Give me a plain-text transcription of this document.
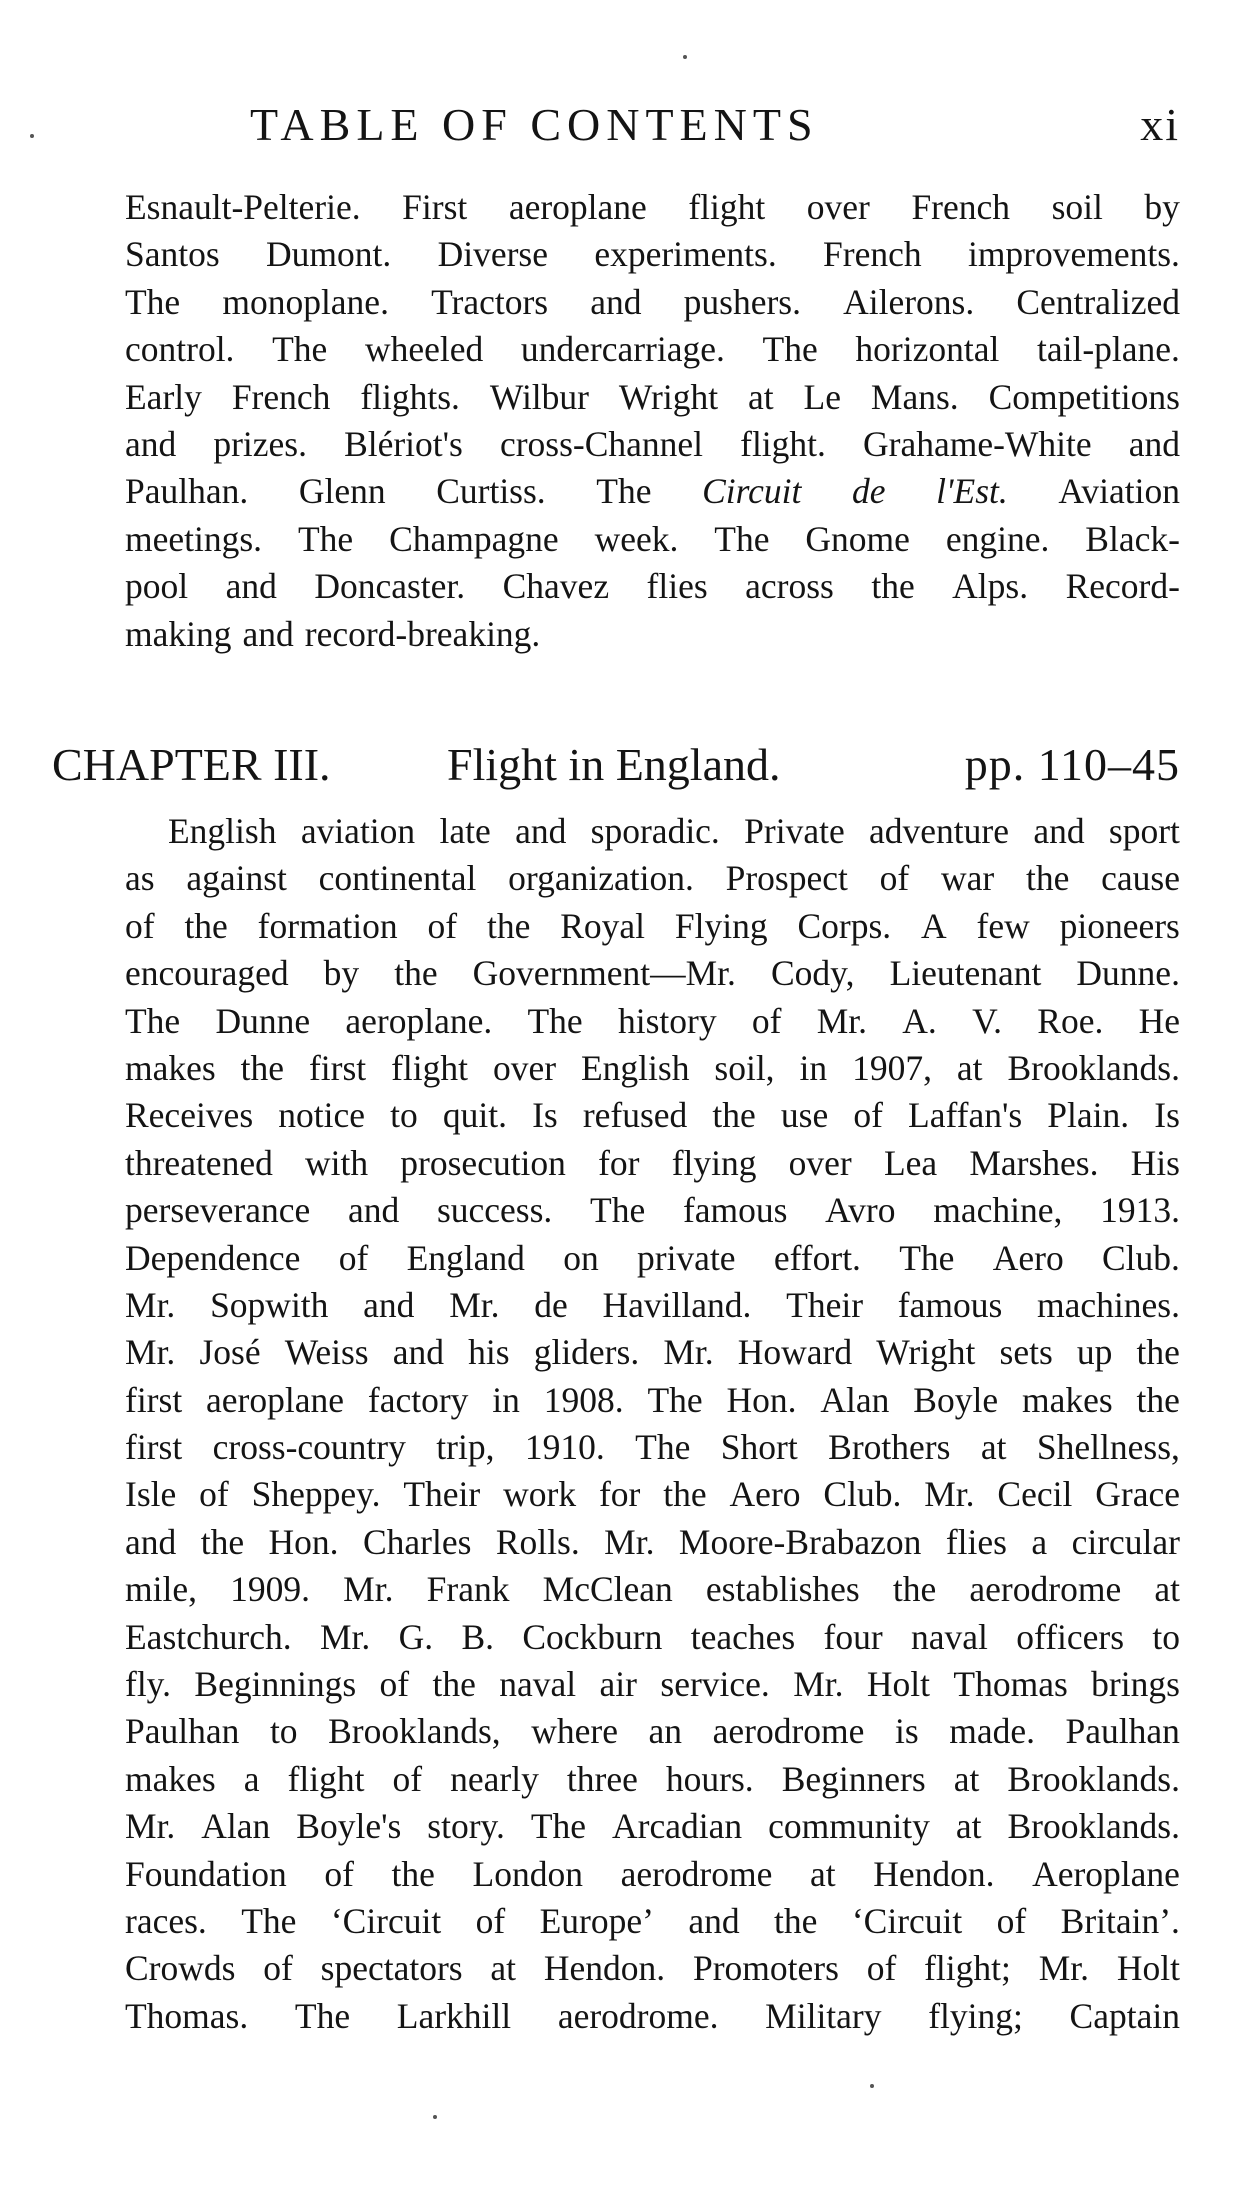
TABLE OF CONTENTS	xi
Esnault-Pelterie. First aeroplane flight over French soil by
Santos Dumont. Diverse experiments. French improvements.
The monoplane. Tractors and pushers. Ailerons. Centralized
control. The wheeled undercarriage. The horizontal tail-plane.
Early French flights. Wilbur Wright at Le Mans. Competitions
and prizes. Blériot's cross-Channel flight. Grahame-White and
Paulhan. Glenn Curtiss. The Circuit de l'Est. Aviation
meetings. The Champagne week. The Gnome engine. Black-
pool and Doncaster. Chavez flies across the Alps. Record-
making and record-breaking.
CHAPTER III.	Flight in England.	pp. 110–45
English aviation late and sporadic. Private adventure and sport
as against continental organization. Prospect of war the cause
of the formation of the Royal Flying Corps. A few pioneers
encouraged by the Government—Mr. Cody, Lieutenant Dunne.
The Dunne aeroplane. The history of Mr. A. V. Roe. He
makes the first flight over English soil, in 1907, at Brooklands.
Receives notice to quit. Is refused the use of Laffan's Plain. Is
threatened with prosecution for flying over Lea Marshes. His
perseverance and success. The famous Avro machine, 1913.
Dependence of England on private effort. The Aero Club.
Mr. Sopwith and Mr. de Havilland. Their famous machines.
Mr. José Weiss and his gliders. Mr. Howard Wright sets up the
first aeroplane factory in 1908. The Hon. Alan Boyle makes the
first cross-country trip, 1910. The Short Brothers at Shellness,
Isle of Sheppey. Their work for the Aero Club. Mr. Cecil Grace
and the Hon. Charles Rolls. Mr. Moore-Brabazon flies a circular
mile, 1909. Mr. Frank McClean establishes the aerodrome at
Eastchurch. Mr. G. B. Cockburn teaches four naval officers to
fly. Beginnings of the naval air service. Mr. Holt Thomas brings
Paulhan to Brooklands, where an aerodrome is made. Paulhan
makes a flight of nearly three hours. Beginners at Brooklands.
Mr. Alan Boyle's story. The Arcadian community at Brooklands.
Foundation of the London aerodrome at Hendon. Aeroplane
races. The ‘Circuit of Europe’ and the ‘Circuit of Britain’.
Crowds of spectators at Hendon. Promoters of flight; Mr. Holt
Thomas. The Larkhill aerodrome. Military flying; Captain
